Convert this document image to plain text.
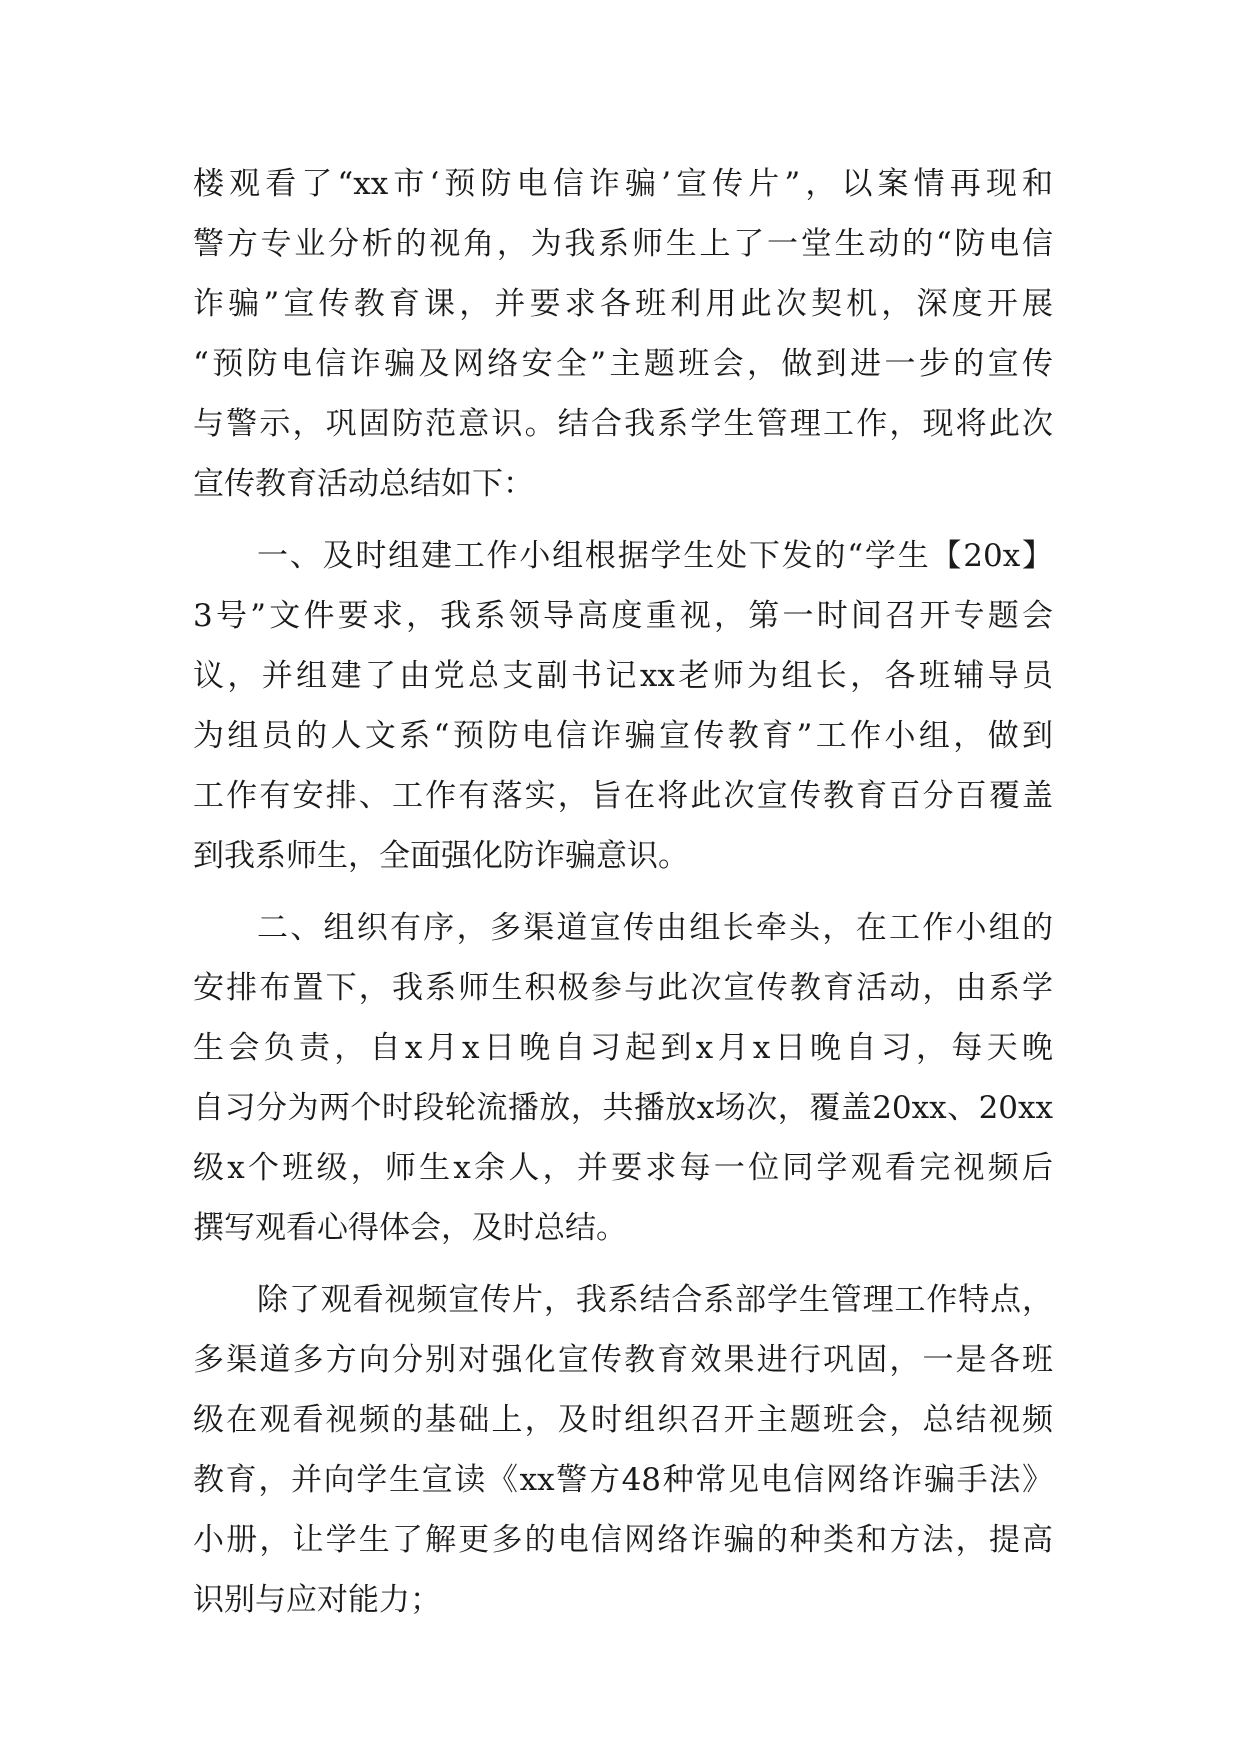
楼观看了“xx市‘预防电信诈骗’宣传片”，以案情再现和
警方专业分析的视角，为我系师生上了一堂生动的“防电信
诈骗”宣传教育课，并要求各班利用此次契机，深度开展
“预防电信诈骗及网络安全”主题班会，做到进一步的宣传
与警示，巩固防范意识。结合我系学生管理工作，现将此次
宣传教育活动总结如下：
一、及时组建工作小组根据学生处下发的“学生【20x】
3号”文件要求，我系领导高度重视，第一时间召开专题会
议，并组建了由党总支副书记xx老师为组长，各班辅导员
为组员的人文系“预防电信诈骗宣传教育”工作小组，做到
工作有安排、工作有落实，旨在将此次宣传教育百分百覆盖
到我系师生，全面强化防诈骗意识。
二、组织有序，多渠道宣传由组长牵头，在工作小组的
安排布置下，我系师生积极参与此次宣传教育活动，由系学
生会负责，自x月x日晚自习起到x月x日晚自习，每天晚
自习分为两个时段轮流播放，共播放x场次，覆盖20xx、20xx
级x个班级，师生x余人，并要求每一位同学观看完视频后
撰写观看心得体会，及时总结。
除了观看视频宣传片，我系结合系部学生管理工作特点，
多渠道多方向分别对强化宣传教育效果进行巩固，一是各班
级在观看视频的基础上，及时组织召开主题班会，总结视频
教育，并向学生宣读《xx警方48种常见电信网络诈骗手法》
小册，让学生了解更多的电信网络诈骗的种类和方法，提高
识别与应对能力；
